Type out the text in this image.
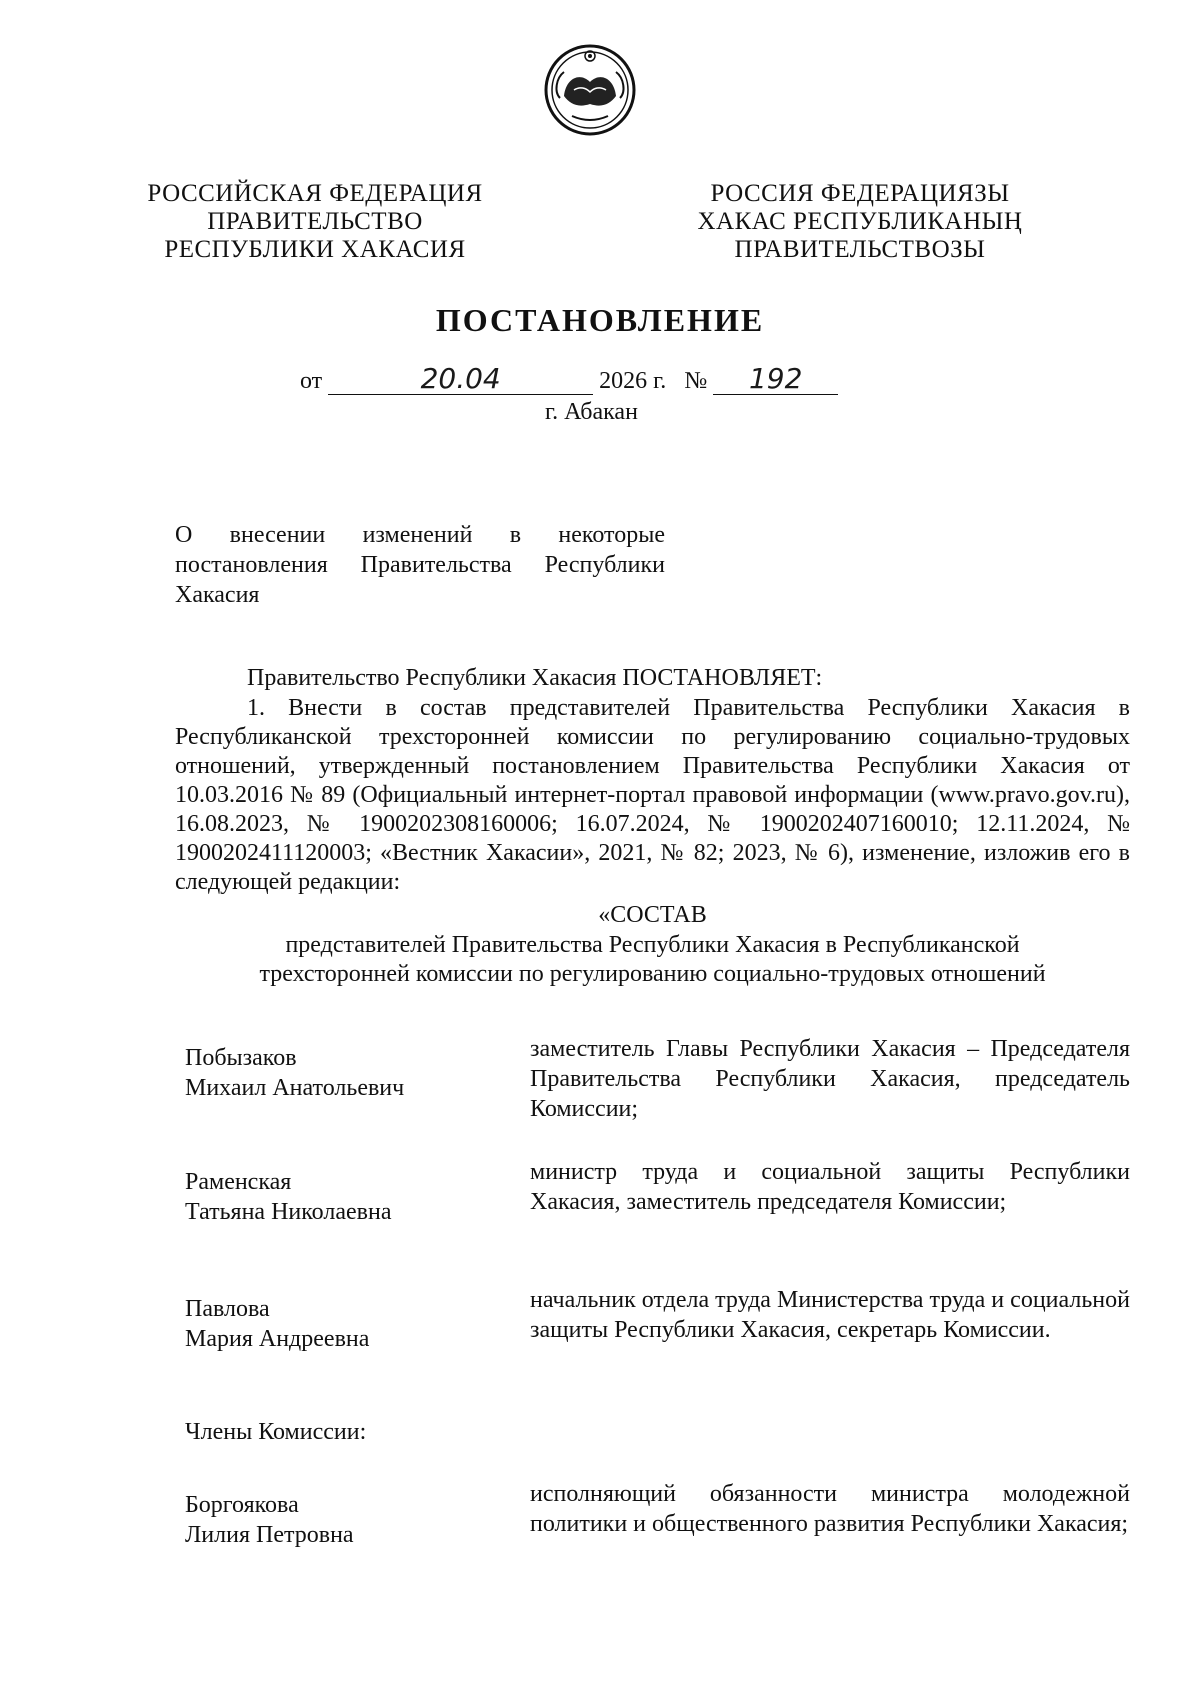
РОССИЙСКАЯ ФЕДЕРАЦИЯ
ПРАВИТЕЛЬСТВО
РЕСПУБЛИКИ ХАКАСИЯ
РОССИЯ ФЕДЕРАЦИЯЗЫ
ХАКАС РЕСПУБЛИКАНЫҢ
ПРАВИТЕЛЬСТВОЗЫ
ПОСТАНОВЛЕНИЕ
от	20.04	2026 г. № 192
г. Абакан
О внесении изменений в некоторые постановления Правительства Республики Хакасия
Правительство Республики Хакасия ПОСТАНОВЛЯЕТ:
1. Внести в состав представителей Правительства Республики Хакасия в Республиканской трехсторонней комиссии по регулированию социально-трудовых отношений, утвержденный постановлением Правительства Республики Хакасия от 10.03.2016 № 89 (Официальный интернет-портал правовой информации (www.pravo.gov.ru), 16.08.2023, № 1900202308160006; 16.07.2024, № 1900202407160010; 12.11.2024, № 1900202411120003; «Вестник Хакасии», 2021, № 82; 2023, № 6), изменение, изложив его в следующей редакции:
«СОСТАВ
представителей Правительства Республики Хакасия в Республиканской
трехсторонней комиссии по регулированию социально-трудовых отношений
Побызаков
Михаил Анатольевич
заместитель Главы Республики Хакасия – Председателя Правительства Республики Хакасия, председатель Комиссии;
Раменская
Татьяна Николаевна
министр труда и социальной защиты Республики Хакасия, заместитель председателя Комиссии;
Павлова
Мария Андреевна
начальник отдела труда Министерства труда и социальной защиты Республики Хакасия, секретарь Комиссии.
Члены Комиссии:
Боргоякова
Лилия Петровна
исполняющий обязанности министра молодежной политики и общественного развития Республики Хакасия;
